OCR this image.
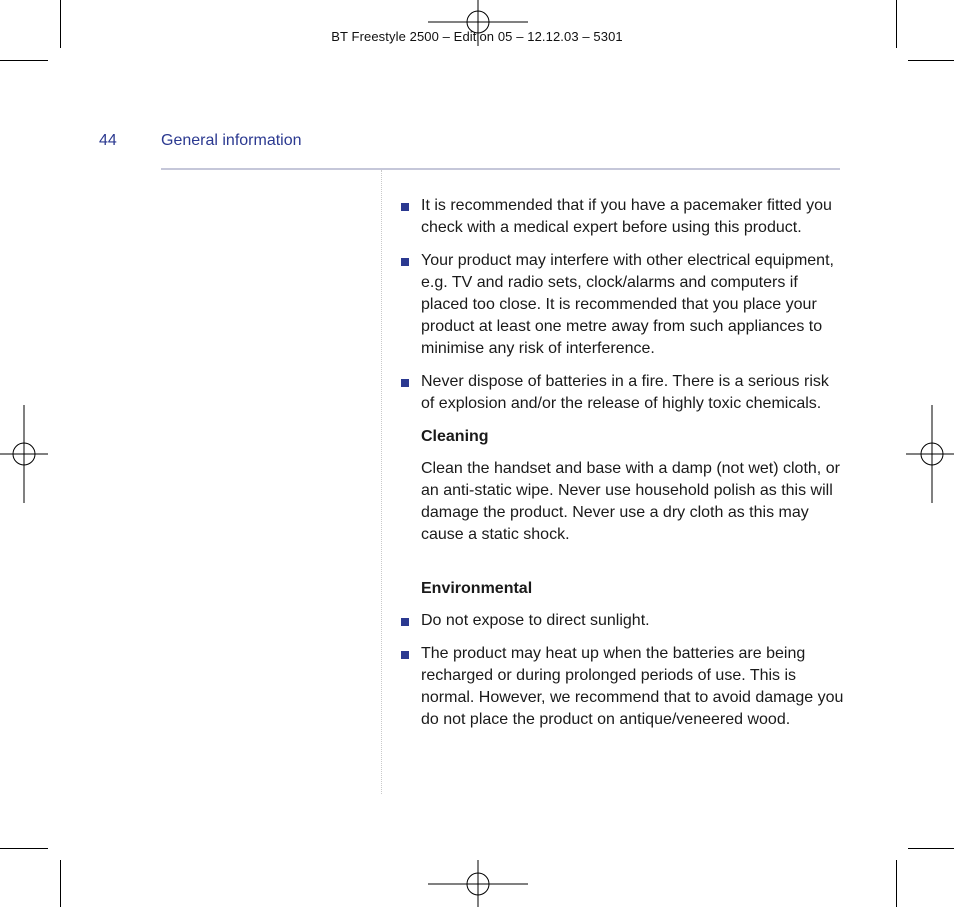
BT Freestyle 2500 – Edition 05 – 12.12.03 – 5301
44	General information
It is recommended that if you have a pacemaker fitted you check with a medical expert before using this product.
Your product may interfere with other electrical equipment, e.g. TV and radio sets, clock/alarms and computers if placed too close. It is recommended that you place your product at least one metre away from such appliances to minimise any risk of interference.
Never dispose of batteries in a fire. There is a serious risk of explosion and/or the release of highly toxic chemicals.
Cleaning
Clean the handset and base with a damp (not wet) cloth, or an anti-static wipe. Never use household polish as this will damage the product. Never use a dry cloth as this may cause a static shock.
Environmental
Do not expose to direct sunlight.
The product may heat up when the batteries are being recharged or during prolonged periods of use. This is normal. However, we recommend that to avoid damage you do not place the product on antique/veneered wood.
